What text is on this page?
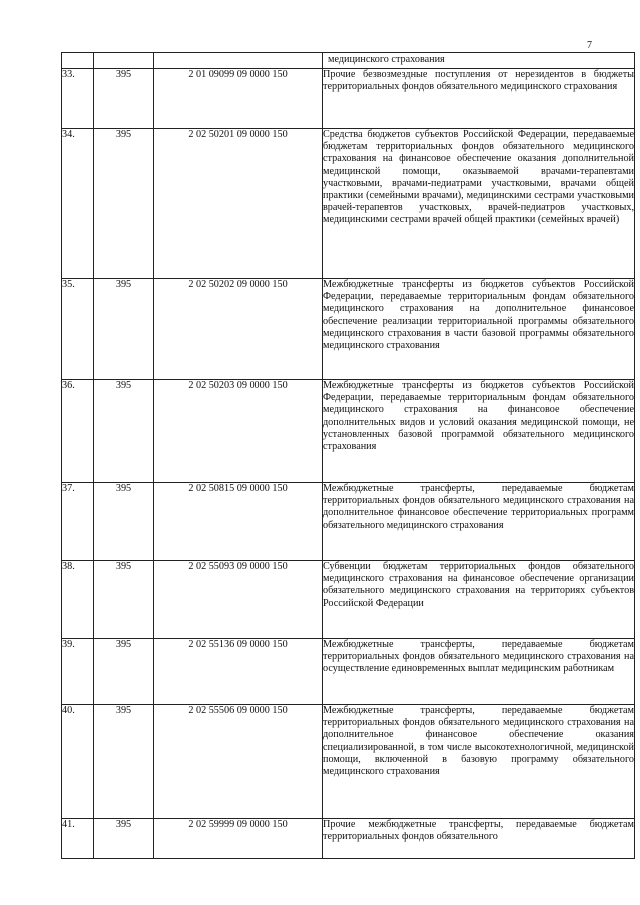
7
			медицинского страхования
33.	395	2 01 09099 09 0000 150	Прочие безвозмездные поступления от нерезидентов в бюджеты территориальных фондов обязательного медицинского страхования
34.	395	2 02 50201 09 0000 150	Средства бюджетов субъектов Российской Федерации, передаваемые бюджетам территориальных фондов обязательного медицинского страхования на финансовое обеспечение оказания дополнительной медицинской помощи, оказываемой врачами-терапевтами участковыми, врачами-педиатрами участковыми, врачами общей практики (семейными врачами), медицинскими сестрами участковыми врачей-терапевтов участковых, врачей-педиатров участковых, медицинскими сестрами врачей общей практики (семейных врачей)
35.	395	2 02 50202 09 0000 150	Межбюджетные трансферты из бюджетов субъектов Российской Федерации, передаваемые территориальным фондам обязательного медицинского страхования на дополнительное финансовое обеспечение реализации территориальной программы обязательного медицинского страхования в части базовой программы обязательного медицинского страхования
36.	395	2 02 50203 09 0000 150	Межбюджетные трансферты из бюджетов субъектов Российской Федерации, передаваемые территориальным фондам обязательного медицинского страхования на финансовое обеспечение дополнительных видов и условий оказания медицинской помощи, не установленных базовой программой обязательного медицинского страхования
37.	395	2 02 50815 09 0000 150	Межбюджетные трансферты, передаваемые бюджетам территориальных фондов обязательного медицинского страхования на дополнительное финансовое обеспечение территориальных программ обязательного медицинского страхования
38.	395	2 02 55093 09 0000 150	Субвенции бюджетам территориальных фондов обязательного медицинского страхования на финансовое обеспечение организации обязательного медицинского страхования на территориях субъектов Российской Федерации
39.	395	2 02 55136 09 0000 150	Межбюджетные трансферты, передаваемые бюджетам территориальных фондов обязательного медицинского страхования на осуществление единовременных выплат медицинским работникам
40.	395	2 02 55506 09 0000 150	Межбюджетные трансферты, передаваемые бюджетам территориальных фондов обязательного медицинского страхования на дополнительное финансовое обеспечение оказания специализированной, в том числе высокотехнологичной, медицинской помощи, включенной в базовую программу обязательного медицинского страхования
41.	395	2 02 59999 09 0000 150	Прочие межбюджетные трансферты, передаваемые бюджетам территориальных фондов обязательного
